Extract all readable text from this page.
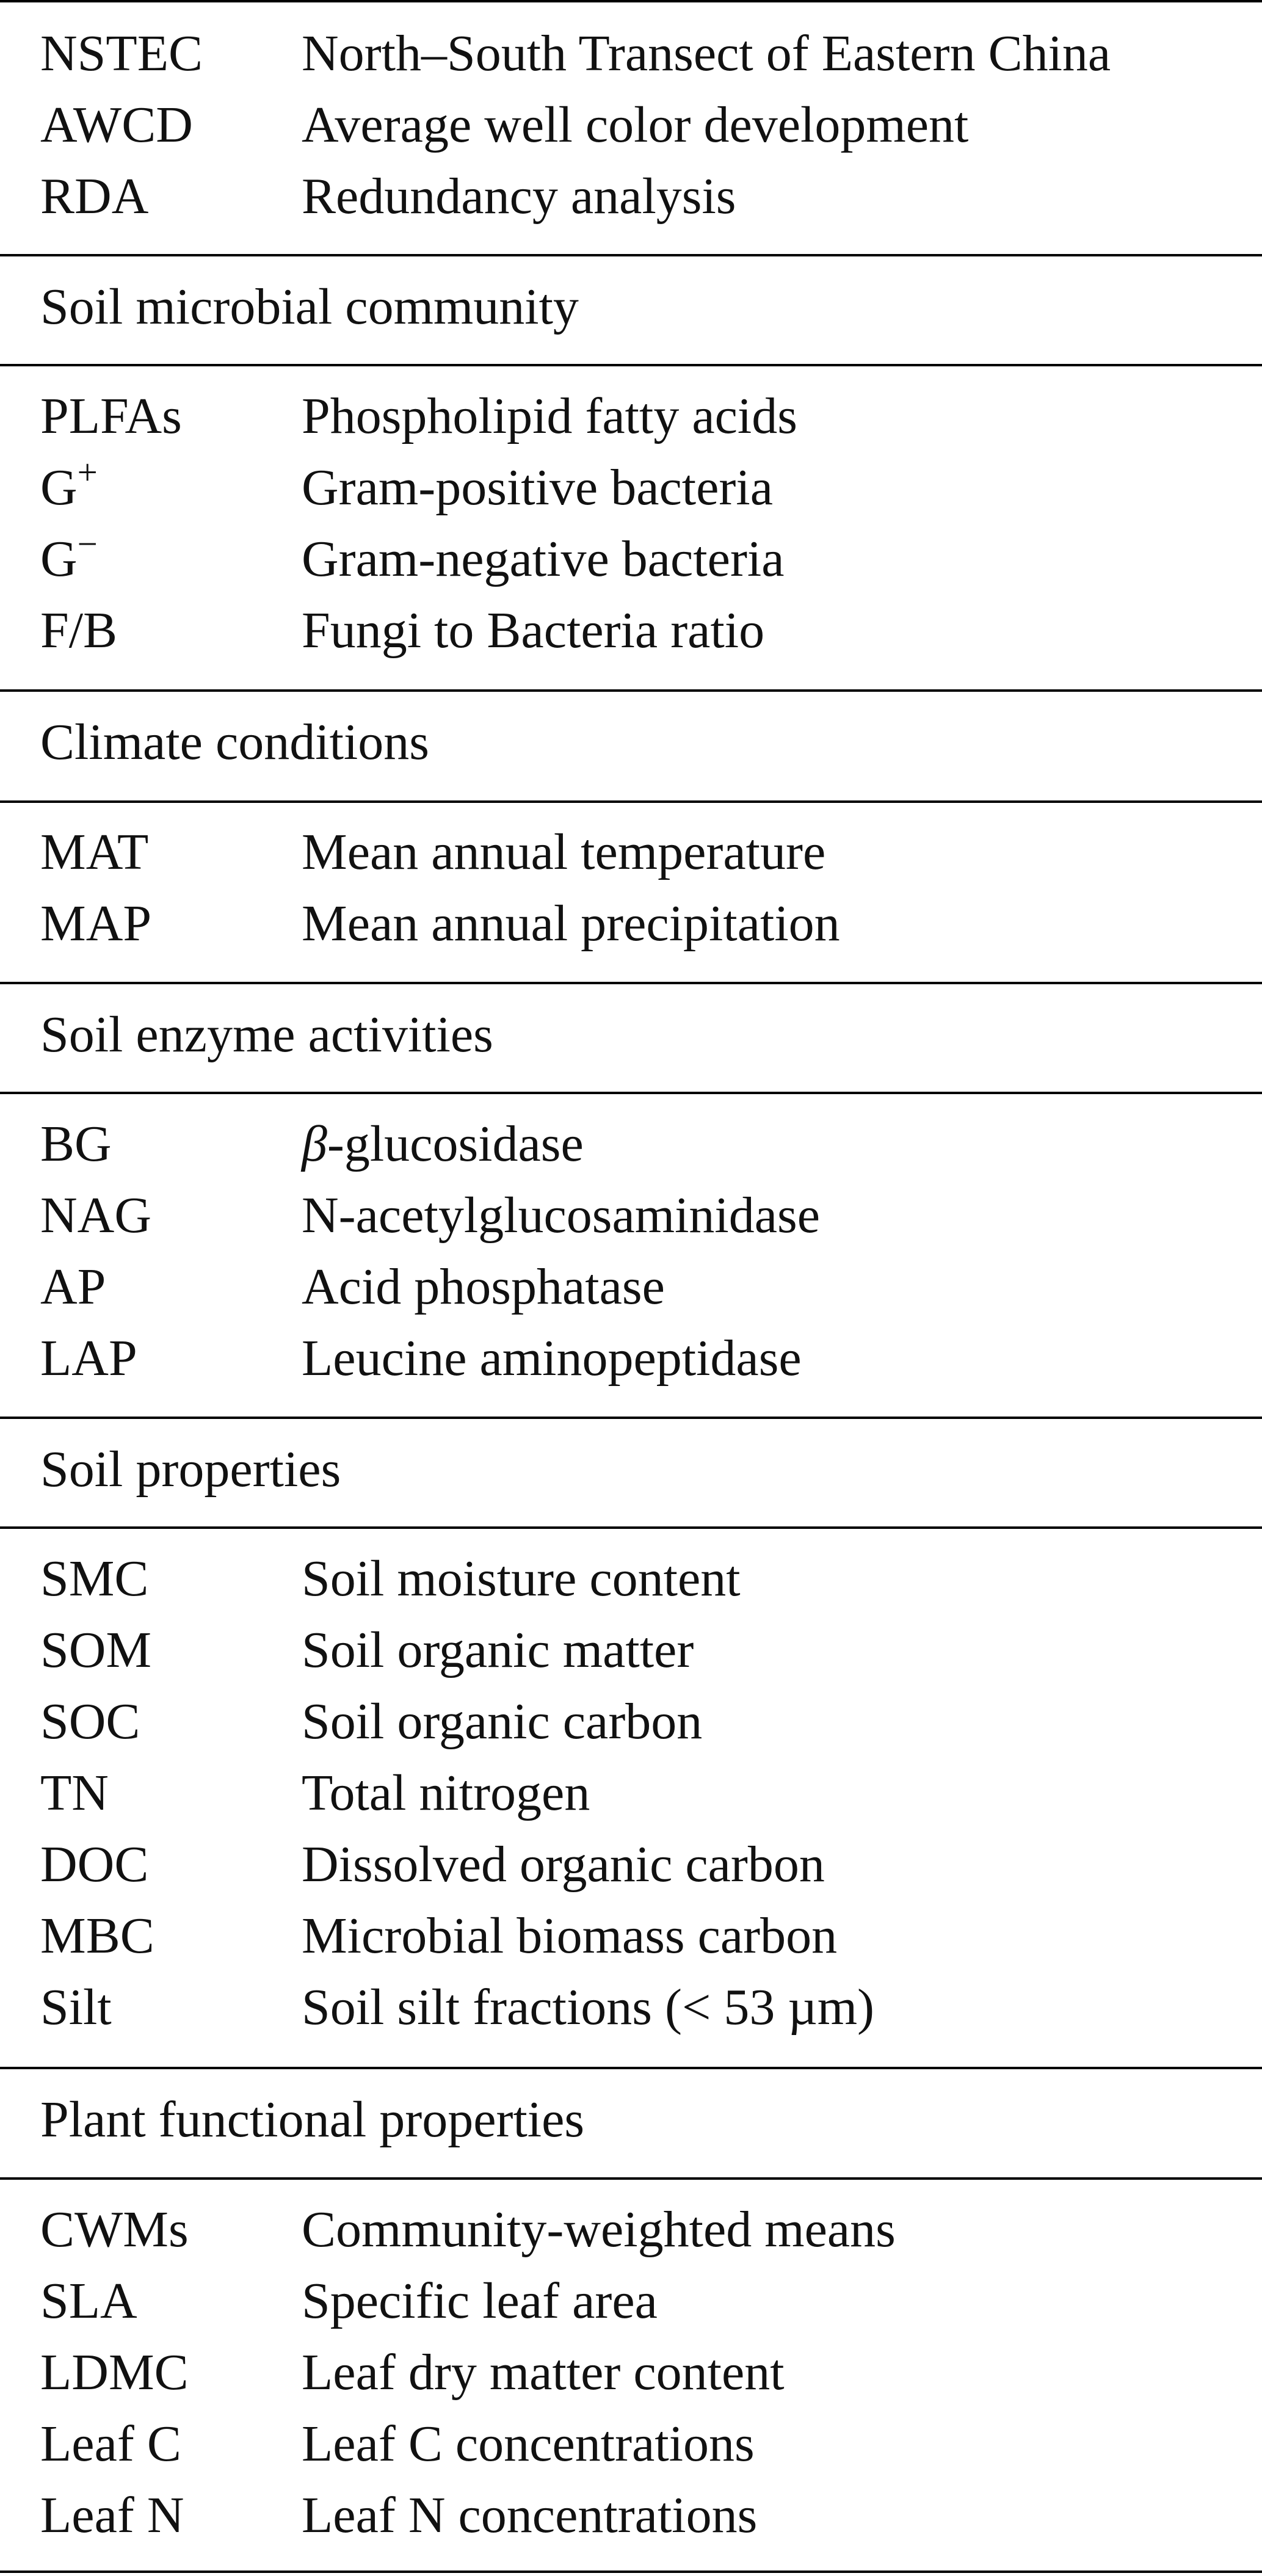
NSTEC North–South Transect of Eastern China
AWCD Average well color development
RDA	Redundancy analysis
Soil microbial community
PLFAs Phospholipid fatty acids
G+	Gram-positive bacteria
G−	Gram-negative bacteria
F/B	Fungi to Bacteria ratio
Climate conditions
MAT	Mean annual temperature
MAP	Mean annual precipitation
Soil enzyme activities
BG	β-glucosidase
NAG	N-acetylglucosaminidase
AP	Acid phosphatase
LAP	Leucine aminopeptidase
Soil properties
SMC	Soil moisture content
SOM	Soil organic matter
SOC	Soil organic carbon
TN	Total nitrogen
DOC	Dissolved organic carbon
MBC	Microbial biomass carbon
Silt	Soil silt fractions (< 53 µm)
Plant functional properties
CWMs Community-weighted means
SLA	Specific leaf area
LDMC Leaf dry matter content
Leaf C Leaf C concentrations
Leaf N Leaf N concentrations
